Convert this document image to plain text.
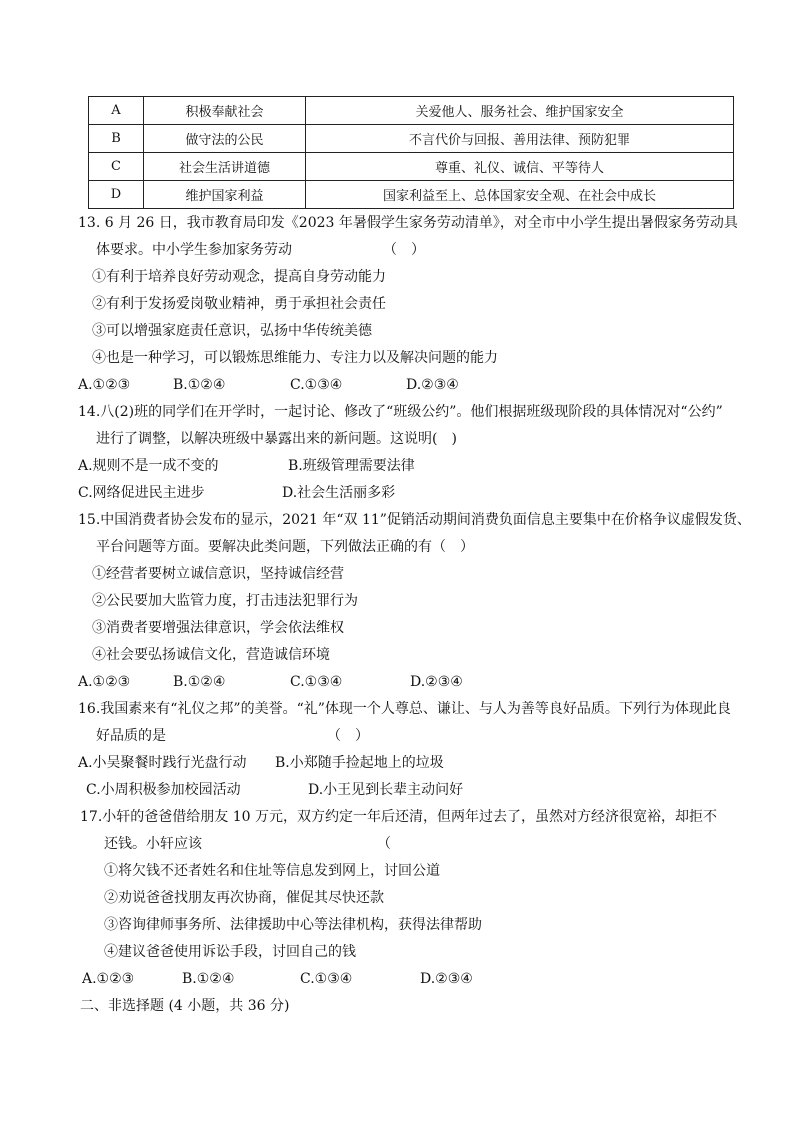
A	积极奉献社会	关爱他人、服务社会、维护国家安全
B	做守法的公民	不言代价与回报、善用法律、预防犯罪
C	社会生活讲道德	尊重、礼仪、诚信、平等待人
D	维护国家利益	国家利益至上、总体国家安全观、在社会中成长
13. 6 月 26 日，我市教育局印发《2023 年暑假学生家务劳动清单》，对全市中小学生提出暑假家务劳动具
体要求。中小学生参加家务劳动　　　　　　　（　）
①有利于培养良好劳动观念，提高自身劳动能力
②有利于发扬爱岗敬业精神，勇于承担社会责任
③可以增强家庭责任意识，弘扬中华传统美德
④也是一种学习，可以锻炼思维能力、专注力以及解决问题的能力
A.①②③	B.①②④	C.①③④	D.②③④
14.八(2)班的同学们在开学时，一起讨论、修改了“班级公约”。他们根据班级现阶段的具体情况对“公约”
进行了调整，以解决班级中暴露出来的新问题。这说明(　)
A.规则不是一成不变的	B.班级管理需要法律
C.网络促进民主进步	D.社会生活丽多彩
15.中国消费者协会发布的显示，2021 年“双 11”促销活动期间消费负面信息主要集中在价格争议虚假发货、
平台问题等方面。要解决此类问题，下列做法正确的有（　）
①经营者要树立诚信意识，坚持诚信经营
②公民要加大监管力度，打击违法犯罪行为
③消费者要增强法律意识，学会依法维权
④社会要弘扬诚信文化，营造诚信环境
A.①②③	B.①②④	C.①③④	D.②③④
16.我国素来有“礼仪之邦”的美誉。“礼”体现一个人尊总、谦让、与人为善等良好品质。下列行为体现此良
好品质的是　　　　　　　　　　　　（　）
A.小吴聚餐时践行光盘行动 B.小郑随手捡起地上的垃圾
C.小周积极参加校园活动	D.小王见到长辈主动问好
17.小轩的爸爸借给朋友 10 万元，双方约定一年后还清，但两年过去了，虽然对方经济很宽裕，却拒不
还钱。小轩应该　　　　　　　　　　　　　（
①将欠钱不还者姓名和住址等信息发到网上，讨回公道
②劝说爸爸找朋友再次协商，催促其尽快还款
③咨询律师事务所、法律援助中心等法律机构，获得法律帮助
④建议爸爸使用诉讼手段，讨回自己的钱
A.①②③	B.①②④	C.①③④	D.②③④
二、非选择题 (4 小题，共 36 分)
